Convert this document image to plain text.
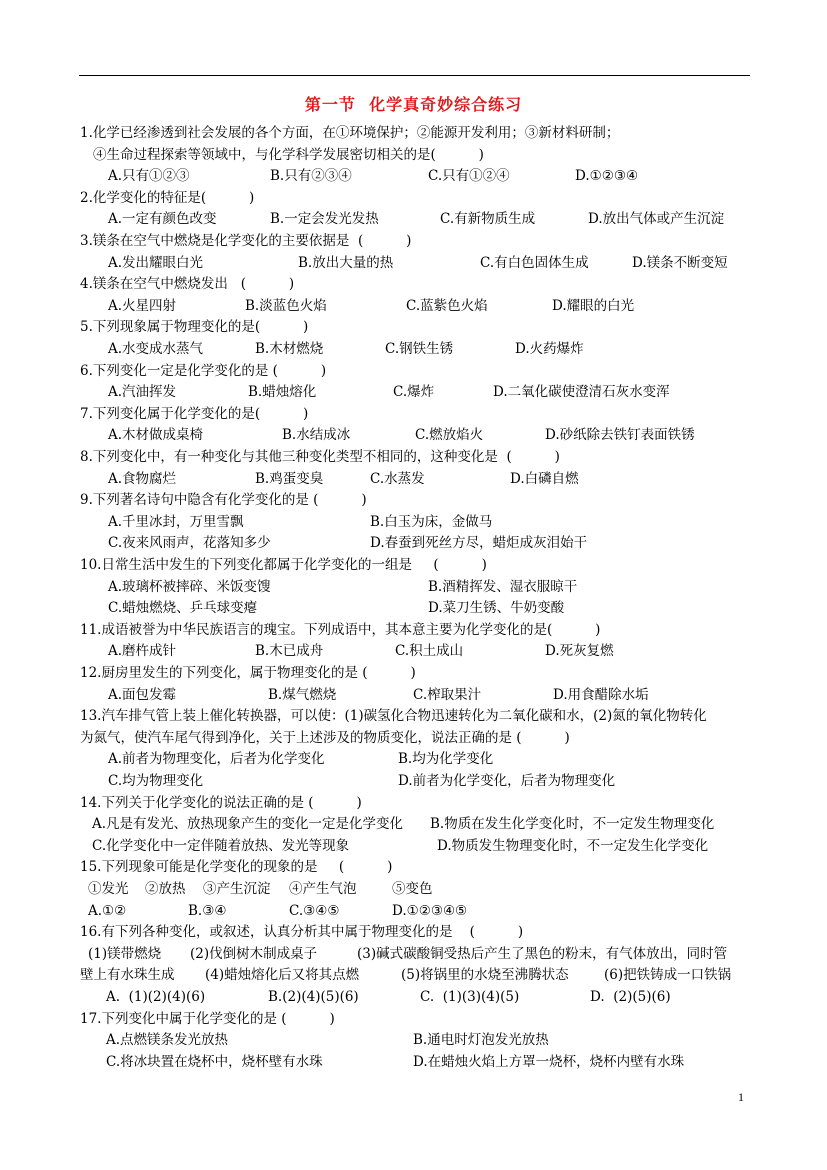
第一节  化学真奇妙综合练习
1.化学已经渗透到社会发展的各个方面，在①环境保护；②能源开发利用；③新材料研制；
④生命过程探索等领域中，与化学科学发展密切相关的是(          )
A.只有①②③	B.只有②③④	C.只有①②④	D.①②③④
2.化学变化的特征是(          )
A.一定有颜色改变	B.一定会发光发热	C.有新物质生成	D.放出气体或产生沉淀
3.镁条在空气中燃烧是化学变化的主要依据是  (          )
A.发出耀眼白光	B.放出大量的热	C.有白色固体生成	D.镁条不断变短
4.镁条在空气中燃烧发出   (          )
A.火星四射	B.淡蓝色火焰	C.蓝紫色火焰	D.耀眼的白光
5.下列现象属于物理变化的是(          )
A.水变成水蒸气	B.木材燃烧	C.钢铁生锈	D.火药爆炸
6.下列变化一定是化学变化的是 (          )
A.汽油挥发	B.蜡烛熔化	C.爆炸	D.二氧化碳使澄清石灰水变浑
7.下列变化属于化学变化的是(          )
A.木材做成桌椅	B.水结成冰	C.燃放焰火	D.砂纸除去铁钉表面铁锈
8.下列变化中，有一种变化与其他三种变化类型不相同的，这种变化是  (          )
A.食物腐烂	B.鸡蛋变臭	C.水蒸发	D.白磷自燃
9.下列著名诗句中隐含有化学变化的是 (          )
A.千里冰封，万里雪飘	B.白玉为床，金做马
C.夜来风雨声，花落知多少	D.春蚕到死丝方尽，蜡炬成灰泪始干
10.日常生活中发生的下列变化都属于化学变化的一组是     (          )
A.玻璃杯被摔碎、米饭变馊	B.酒精挥发、湿衣服晾干
C.蜡烛燃烧、乒乓球变瘪	D.菜刀生锈、牛奶变酸
11.成语被誉为中华民族语言的瑰宝。下列成语中，其本意主要为化学变化的是(          )
A.磨杵成针	B.木已成舟	C.积土成山	D.死灰复燃
12.厨房里发生的下列变化，属于物理变化的是 (          )
A.面包发霉	B.煤气燃烧	C.榨取果汁	D.用食醋除水垢
13.汽车排气管上装上催化转换器，可以使：(1)碳氢化合物迅速转化为二氧化碳和水，(2)氮的氧化物转化
为氮气，使汽车尾气得到净化，关于上述涉及的物质变化，说法正确的是 (          )
A.前者为物理变化，后者为化学变化	B.均为化学变化
C.均为物理变化	D.前者为化学变化，后者为物理变化
14.下列关于化学变化的说法正确的是 (          )
A.凡是有发光、放热现象产生的变化一定是化学变化 B.物质在发生化学变化时，不一定发生物理变化
C.化学变化中一定伴随着放热、发光等现象	D.物质发生物理变化时，不一定发生化学变化
15.下列现象可能是化学变化的现象的是     (          )
①发光 ②放热 ③产生沉淀 ④产生气泡	⑤变色
A.①②	B.③④	C.③④⑤	D.①②③④⑤
16.有下列各种变化，或叙述，认真分析其中属于物理变化的是    (          )
(1)镁带燃烧 (2)伐倒树木制成桌子	(3)碱式碳酸铜受热后产生了黑色的粉末，有气体放出，同时管
壁上有水珠生成 (4)蜡烛熔化后又将其点燃	(5)将锅里的水烧至沸腾状态	(6)把铁铸成一口铁锅
A.  (1)(2)(4)(6)	B.(2)(4)(5)(6)	C.  (1)(3)(4)(5)	D.  (2)(5)(6)
17.下列变化中属于化学变化的是 (          )
A.点燃镁条发光放热	B.通电时灯泡发光放热
C.将冰块置在烧杯中，烧杯壁有水珠	D.在蜡烛火焰上方罩一烧杯，烧杯内壁有水珠
1
